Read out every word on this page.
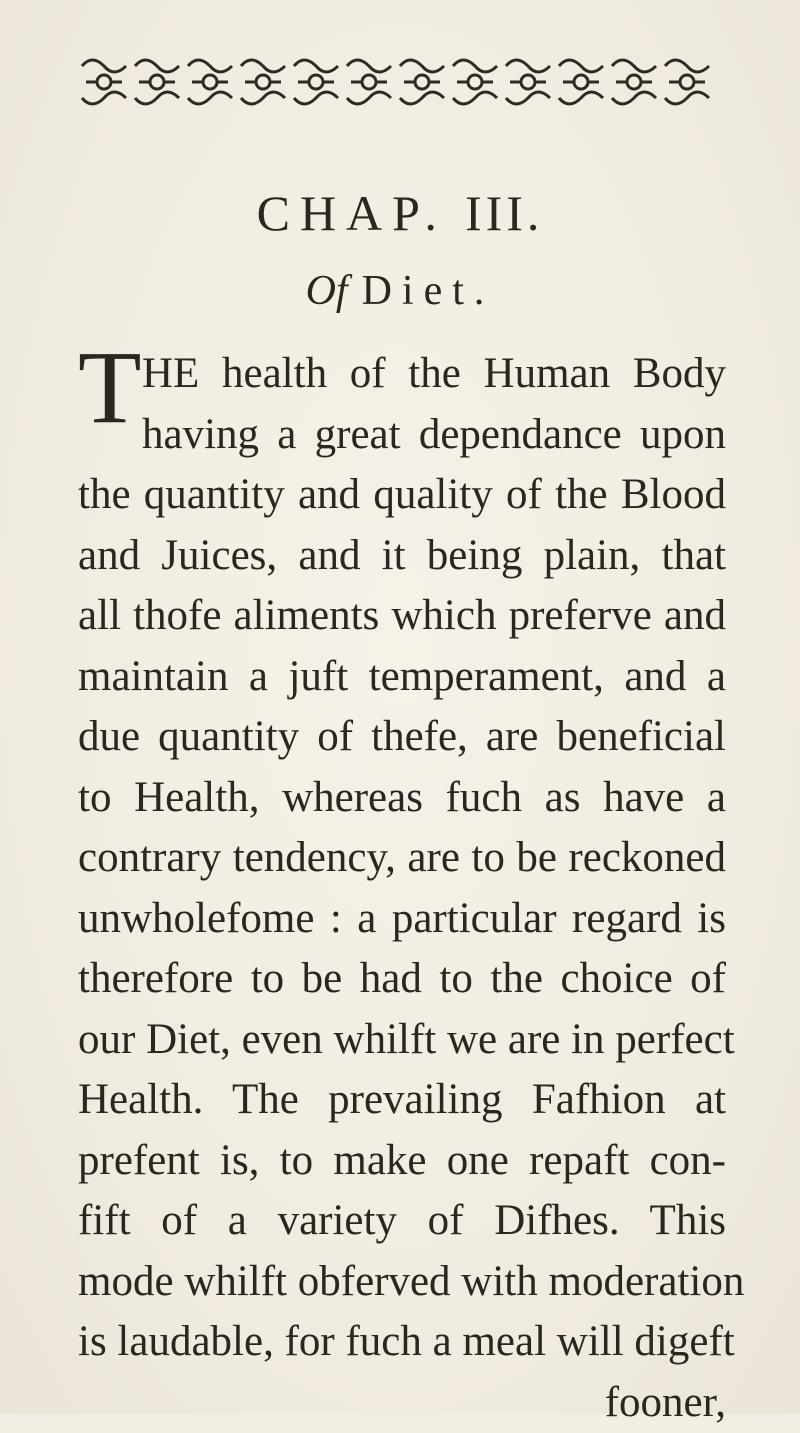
CHAP. III.
Of Diet.
T HE health of the Human Body
having a great dependance upon
the quantity and quality of the Blood
and Juices, and it being plain, that
all thofe aliments which preferve and
maintain a juft temperament, and a
due quantity of thefe, are beneficial
to Health, whereas fuch as have a
contrary tendency, are to be reckoned
unwholefome : a particular regard is
therefore to be had to the choice of
our Diet, even whilft we are in perfect
Health. The prevailing Fafhion at
prefent is, to make one repaft con-
fift of a variety of Difhes. This
mode whilft obferved with moderation
is laudable, for fuch a meal will digeft
fooner,
